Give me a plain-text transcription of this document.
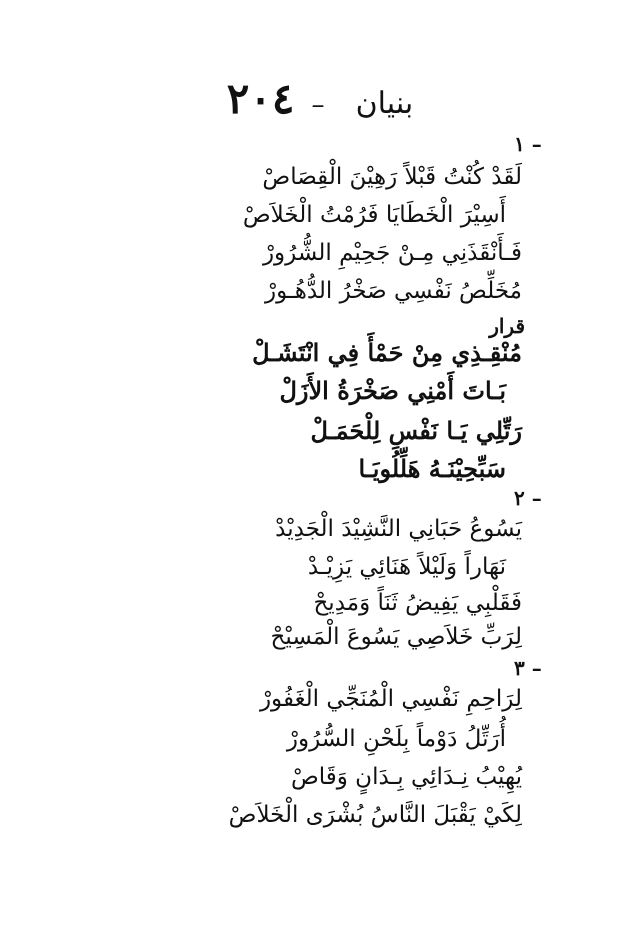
بنيان – ٢٠٤
١ –
لَقَدْ كُنْتُ قَبْلاً رَهِيْنَ الْقِصَاصْ
أَسِيْرَ الْخَطَايَا فَرُمْتُ الْخَلاَصْ
فَـأَنْقَذَنِي مِـنْ جَحِيْمِ الشُّرُورْ
مُخَلِّصُ نَفْسِي صَخْرُ الدُّهُـورْ
قرار
مُنْقِـذِي مِنْ حَمْأَ فِي انْتَشَـلْ
بَـاتَ أَمْنِي صَخْرَةُ الأَزَلْ
رَتِّلِي يَـا نَفْسِ لِلْحَمَـلْ
سَبِّحِيْنَـهُ هَلِّلُويَـا
٢ –
يَسُوعُ حَبَانِي النَّشِيْدَ الْجَدِيْدْ
نَهَاراً وَلَيْلاً هَنَائِي يَزِيْـدْ
فَقَلْبِي يَفِيضُ ثَنَاً وَمَدِيحْ
لِرَبِّ خَلاَصِي يَسُوعَ الْمَسِيْحْ
٣ –
لِرَاحِمِ نَفْسِي الْمُنَجِّي الْغَفُورْ
أُرَتِّلُ دَوْماً بِلَحْنِ السُّرُورْ
يُهِيْبُ نِـدَائِي بِـدَانٍ وَقَاصْ
لِكَيْ يَقْبَلَ النَّاسُ بُشْرَى الْخَلاَصْ
